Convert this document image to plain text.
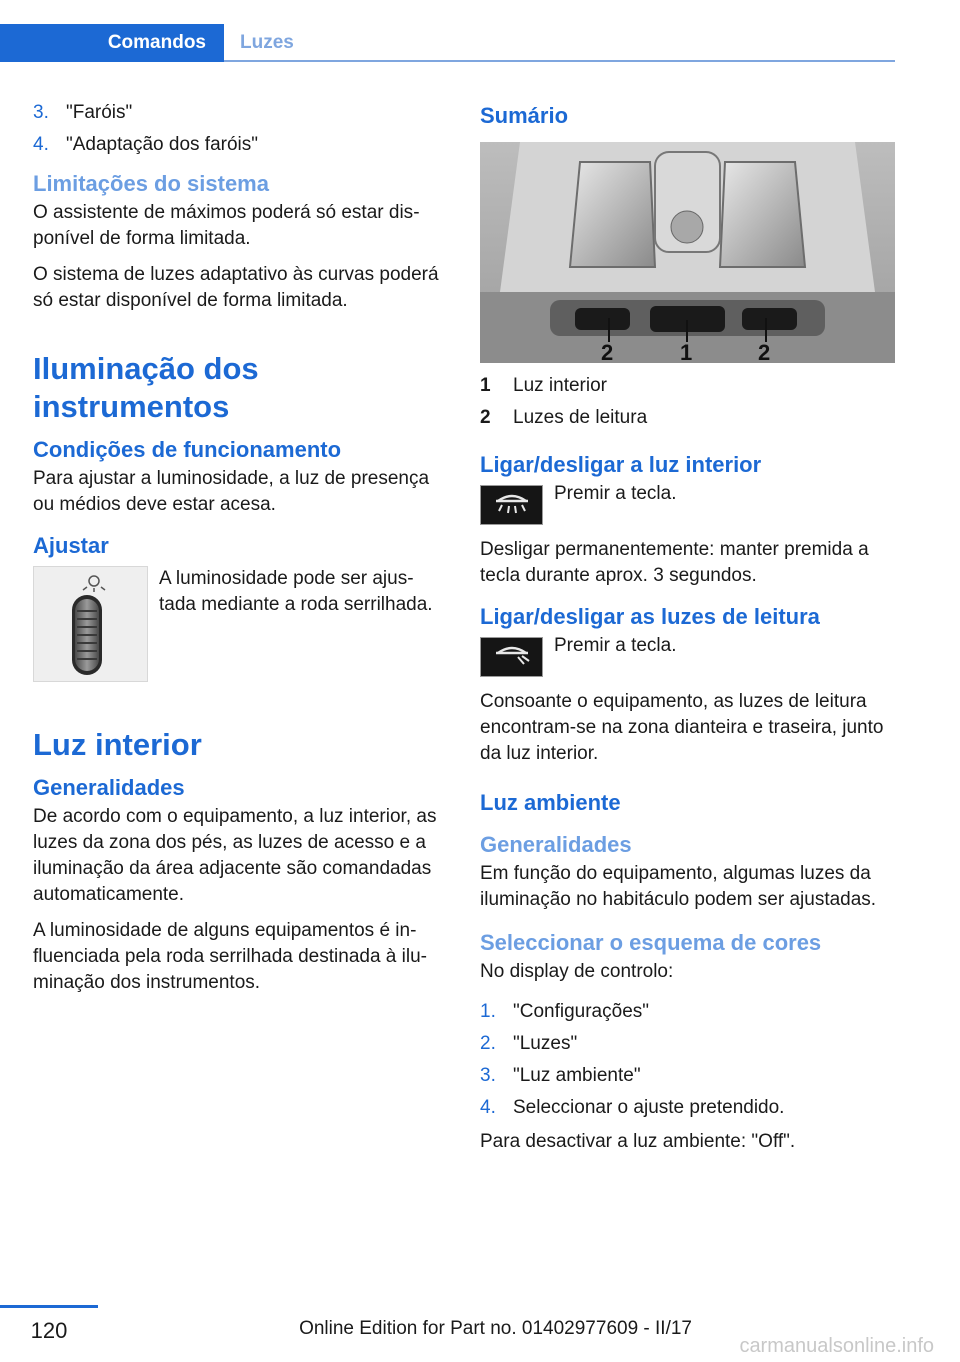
Comandos	Luzes
3. "Faróis"
4. "Adaptação dos faróis"
Limitações do sistema

O assistente de máximos poderá só estar disponível de forma limitada.

O sistema de luzes adaptativo às curvas poderá só estar disponível de forma limitada.

Iluminação dos instrumentos
Condições de funcionamento

Para ajustar a luminosidade, a luz de presença ou médios deve estar acesa.

Ajustar
A luminosidade pode ser ajustada mediante a roda serrilhada.
Luz interior
Generalidades

De acordo com o equipamento, a luz interior, as luzes da zona dos pés, as luzes de acesso e a iluminação da área adjacente são comandadas automaticamente.

A luminosidade de alguns equipamentos é influenciada pela roda serrilhada destinada à iluminação dos instrumentos.

Sumário
2	1	2
1	Luz interior
2	Luzes de leitura
Ligar/desligar a luz interior
Premir a tecla.

Desligar permanentemente: manter premida a tecla durante aprox. 3 segundos.

Ligar/desligar as luzes de leitura
Premir a tecla.

Consoante o equipamento, as luzes de leitura encontram-se na zona dianteira e traseira, junto da luz interior.

Luz ambiente
Generalidades

Em função do equipamento, algumas luzes da iluminação no habitáculo podem ser ajustadas.

Seleccionar o esquema de cores

No display de controlo:

1. "Configurações"
2. "Luzes"
3. "Luz ambiente"
4. Seleccionar o ajuste pretendido.

Para desactivar a luz ambiente: "Off".

120	Online Edition for Part no. 01402977609 - II/17
carmanualsonline.info
